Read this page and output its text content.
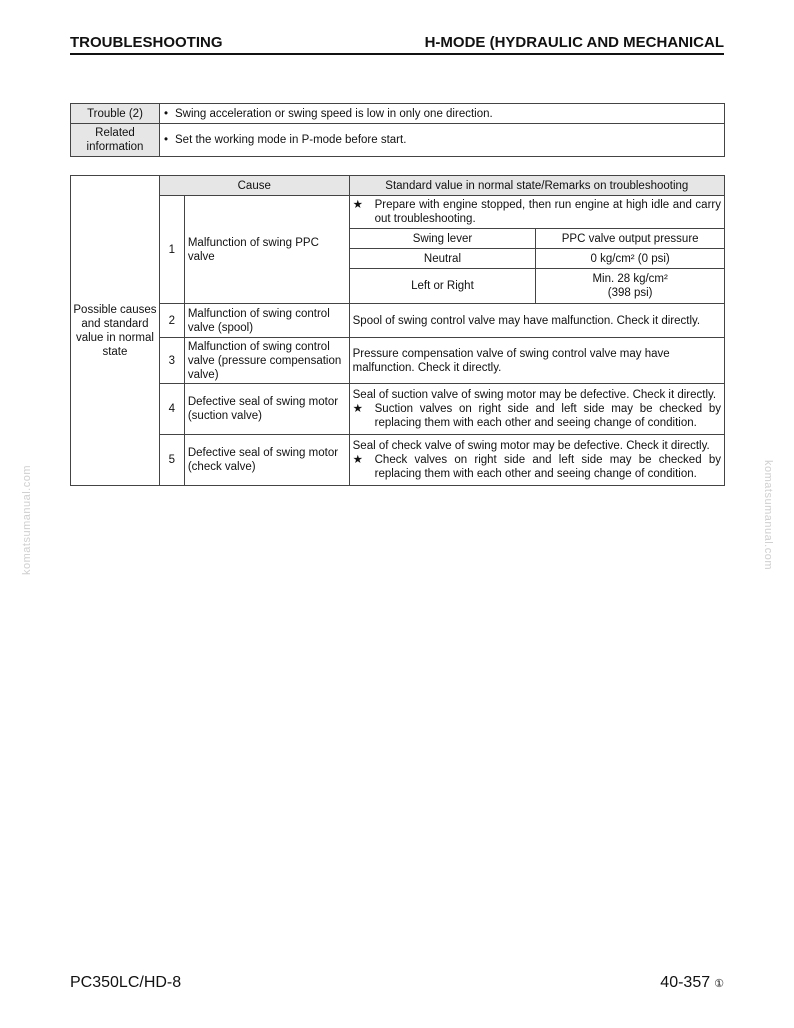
TROUBLESHOOTING	H-MODE (HYDRAULIC AND MECHANICAL
Trouble (2)	• Swing acceleration or swing speed is low in only one direction.
Related
information	• Set the working mode in P-mode before start.
Possible causes
and standard
value in normal
state	Cause		Standard value in normal state/Remarks on troubleshooting	
	1	Malfunction of swing PPC valve	★ Prepare with engine stopped, then run engine at high idle and carry out troubleshooting.	

			Swing lever	PPC valve output pressure
			Neutral	0 kg/cm² (0 psi)
			Left or Right	Min. 28 kg/cm²
(398 psi)
	2	Malfunction of swing control valve (spool)	Spool of swing control valve may have malfunction. Check it directly.	
	3	Malfunction of swing control valve (pressure compensation valve)	Pressure compensation valve of swing control valve may have malfunction. Check it directly.	
	4	Defective seal of swing motor (suction valve)	Seal of suction valve of swing motor may be defective. Check it directly.
★ Suction valves on right side and left side may be checked by replacing them with each other and seeing change of condition.	

	5	Defective seal of swing motor (check valve)	Seal of check valve of swing motor may be defective. Check it directly.
★ Check valves on right side and left side may be checked by replacing them with each other and seeing change of condition.	
komatsumanual.com	komatsumanual.com
PC350LC/HD-8	40-357 ①
